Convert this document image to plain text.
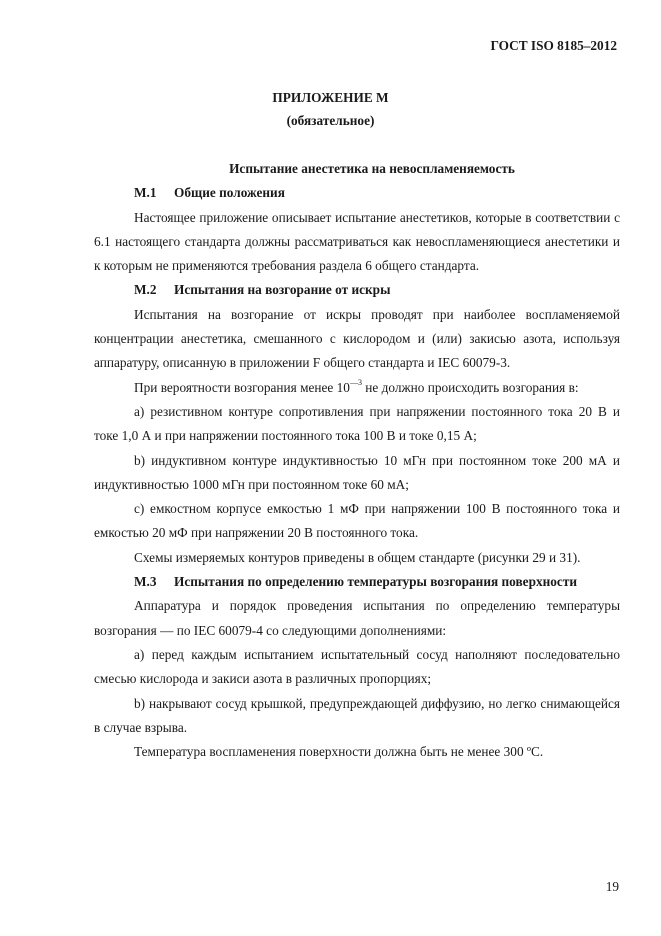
ГОСТ ISO 8185–2012
ПРИЛОЖЕНИЕ М
(обязательное)
Испытание анестетика на невоспламеняемость
М.1 Общие положения

Настоящее приложение описывает испытание анестетиков, которые в соответствии с 6.1 настоящего стандарта должны рассматриваться как невоспламеняющиеся анестетики и к которым не применяются требования раздела 6 общего стандарта.

М.2 Испытания на возгорание от искры

Испытания на возгорание от искры проводят при наиболее воспламеняемой концентрации анестетика, смешанного с кислородом и (или) закисью азота, используя аппаратуру, описанную в приложении F общего стандарта и IEC 60079-3.

При вероятности возгорания менее $10^{—3}$ не должно происходить возгорания в:

а) резистивном контуре сопротивления при напряжении постоянного тока 20 В и токе 1,0 А и при напряжении постоянного тока 100 В и токе 0,15 А;

b) индуктивном контуре индуктивностью 10 мГн при постоянном токе 200 мА и индуктивностью 1000 мГн при постоянном токе 60 мА;

с) емкостном корпусе емкостью 1 мФ при напряжении 100 В постоянного тока и емкостью 20 мФ при напряжении 20 В постоянного тока.

Схемы измеряемых контуров приведены в общем стандарте (рисунки 29 и 31).

М.3 Испытания по определению температуры возгорания поверхности

Аппаратура и порядок проведения испытания по определению температуры возгорания — по IEC 60079-4 со следующими дополнениями:

а) перед каждым испытанием испытательный сосуд наполняют последовательно смесью кислорода и закиси азота в различных пропорциях;

b) накрывают сосуд крышкой, предупреждающей диффузию, но легко снимающейся в случае взрыва.

Температура воспламенения поверхности должна быть не менее 300 ºС.

19
